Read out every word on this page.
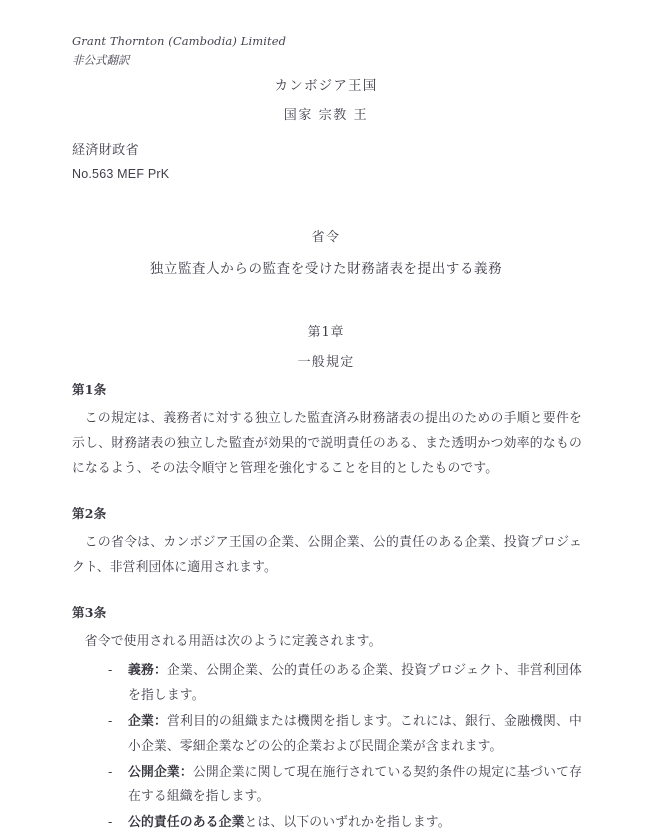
Grant Thornton (Cambodia) Limited
非公式翻訳
カンボジア王国
国家 宗教 王
経済財政省
No.563 MEF PrK
省令
独立監査人からの監査を受けた財務諸表を提出する義務
第1章
一般規定
第1条

この規定は、義務者に対する独立した監査済み財務諸表の提出のための手順と要件を示し、財務諸表の独立した監査が効果的で説明責任のある、また透明かつ効率的なものになるよう、その法令順守と管理を強化することを目的としたものです。

第2条

この省令は、カンボジア王国の企業、公開企業、公的責任のある企業、投資プロジェクト、非営利団体に適用されます。

第3条

省令で使用される用語は次のように定義されます。

- 義務：企業、公開企業、公的責任のある企業、投資プロジェクト、非営利団体を指します。
- 企業：営利目的の組織または機関を指します。これには、銀行、金融機関、中小企業、零細企業などの公的企業および民間企業が含まれます。
- 公開企業：公開企業に関して現在施行されている契約条件の規定に基づいて存在する組織を指します。
- 公的責任のある企業とは、以下のいずれかを指します。
